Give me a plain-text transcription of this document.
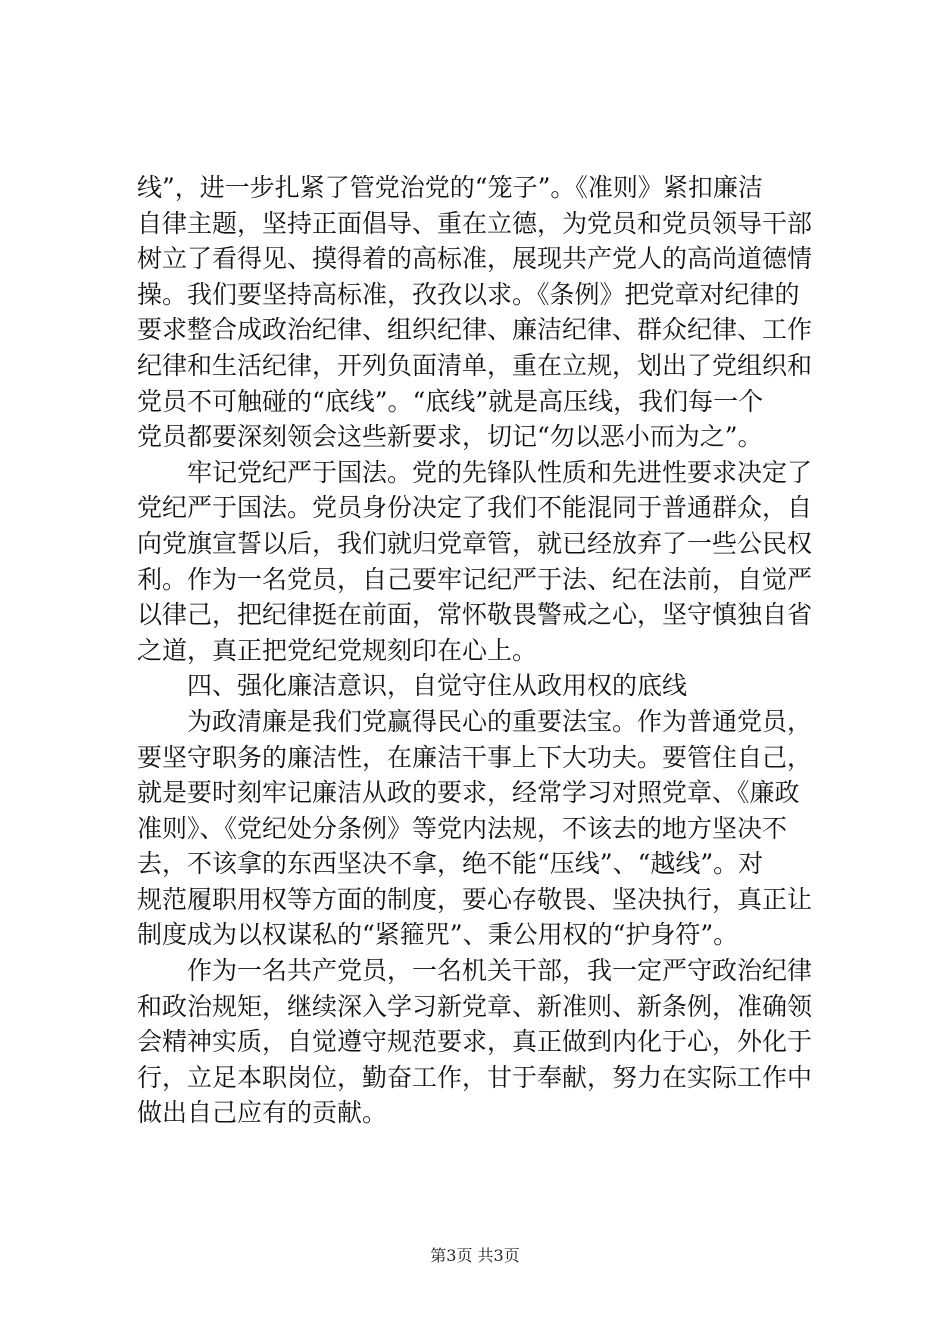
线”，进一步扎紧了管党治党的“笼子”。《准则》紧扣廉洁
自律主题，坚持正面倡导、重在立德，为党员和党员领导干部
树立了看得见、摸得着的高标准，展现共产党人的高尚道德情
操。我们要坚持高标准，孜孜以求。《条例》把党章对纪律的
要求整合成政治纪律、组织纪律、廉洁纪律、群众纪律、工作
纪律和生活纪律，开列负面清单，重在立规，划出了党组织和
党员不可触碰的“底线”。“底线”就是高压线，我们每一个
党员都要深刻领会这些新要求，切记“勿以恶小而为之”。
　　牢记党纪严于国法。党的先锋队性质和先进性要求决定了
党纪严于国法。党员身份决定了我们不能混同于普通群众，自
向党旗宣誓以后，我们就归党章管，就已经放弃了一些公民权
利。作为一名党员，自己要牢记纪严于法、纪在法前，自觉严
以律己，把纪律挺在前面，常怀敬畏警戒之心，坚守慎独自省
之道，真正把党纪党规刻印在心上。
　　四、强化廉洁意识，自觉守住从政用权的底线
　　为政清廉是我们党赢得民心的重要法宝。作为普通党员，
要坚守职务的廉洁性，在廉洁干事上下大功夫。要管住自己，
就是要时刻牢记廉洁从政的要求，经常学习对照党章、《廉政
准则》、《党纪处分条例》等党内法规，不该去的地方坚决不
去，不该拿的东西坚决不拿，绝不能“压线”、“越线”。对
规范履职用权等方面的制度，要心存敬畏、坚决执行，真正让
制度成为以权谋私的“紧箍咒”、秉公用权的“护身符”。
　　作为一名共产党员，一名机关干部，我一定严守政治纪律
和政治规矩，继续深入学习新党章、新准则、新条例，准确领
会精神实质，自觉遵守规范要求，真正做到内化于心，外化于
行，立足本职岗位，勤奋工作，甘于奉献，努力在实际工作中
做出自己应有的贡献。
第3页 共3页
